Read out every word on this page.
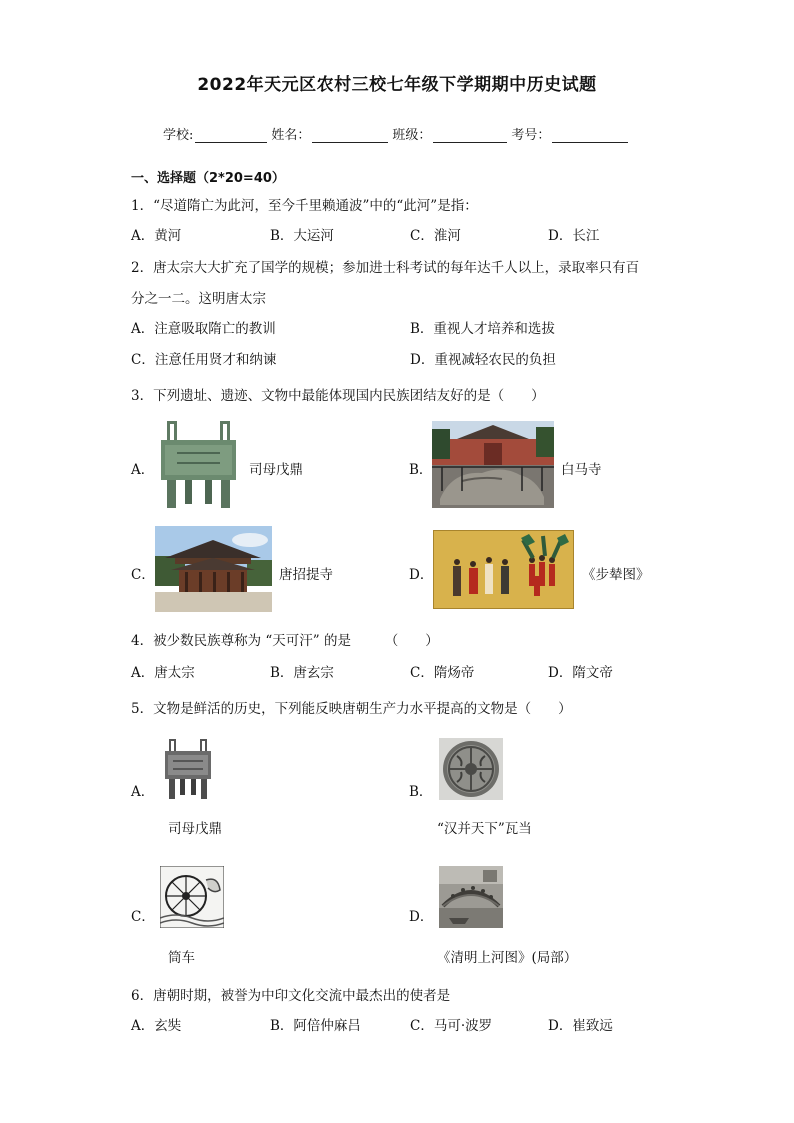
2022年天元区农村三校七年级下学期期中历史试题
学校:	姓名：	班级：	考号：
一、选择题（2*20=40）
1．“尽道隋亡为此河，至今千里赖通波”中的“此河”是指：
A．黄河	B．大运河	C．淮河	D．长江
2．唐太宗大大扩充了国学的规模；参加进士科考试的每年达千人以上，录取率只有百
分之一二。这明唐太宗
A．注意吸取隋亡的教训	B．重视人才培养和选拔
C．注意任用贤才和纳谏	D．重视减轻农民的负担
3．下列遗址、遗迹、文物中最能体现国内民族团结友好的是（　　）
A．	司母戊鼎	B．	白马寺
C．	唐招提寺	D．	《步辇图》
4．被少数民族尊称为 “天可汗” 的是　　　（　　）
A．唐太宗	B．唐玄宗	C．隋炀帝	D．隋文帝
5．文物是鲜活的历史，下列能反映唐朝生产力水平提高的文物是（　　）
A．
司母戊鼎
B．
“汉并天下”瓦当
C．
筒车
D．
《清明上河图》(局部）
6．唐朝时期，被誉为中印文化交流中最杰出的使者是
A．玄奘	B．阿倍仲麻吕	C．马可·波罗	D．崔致远
